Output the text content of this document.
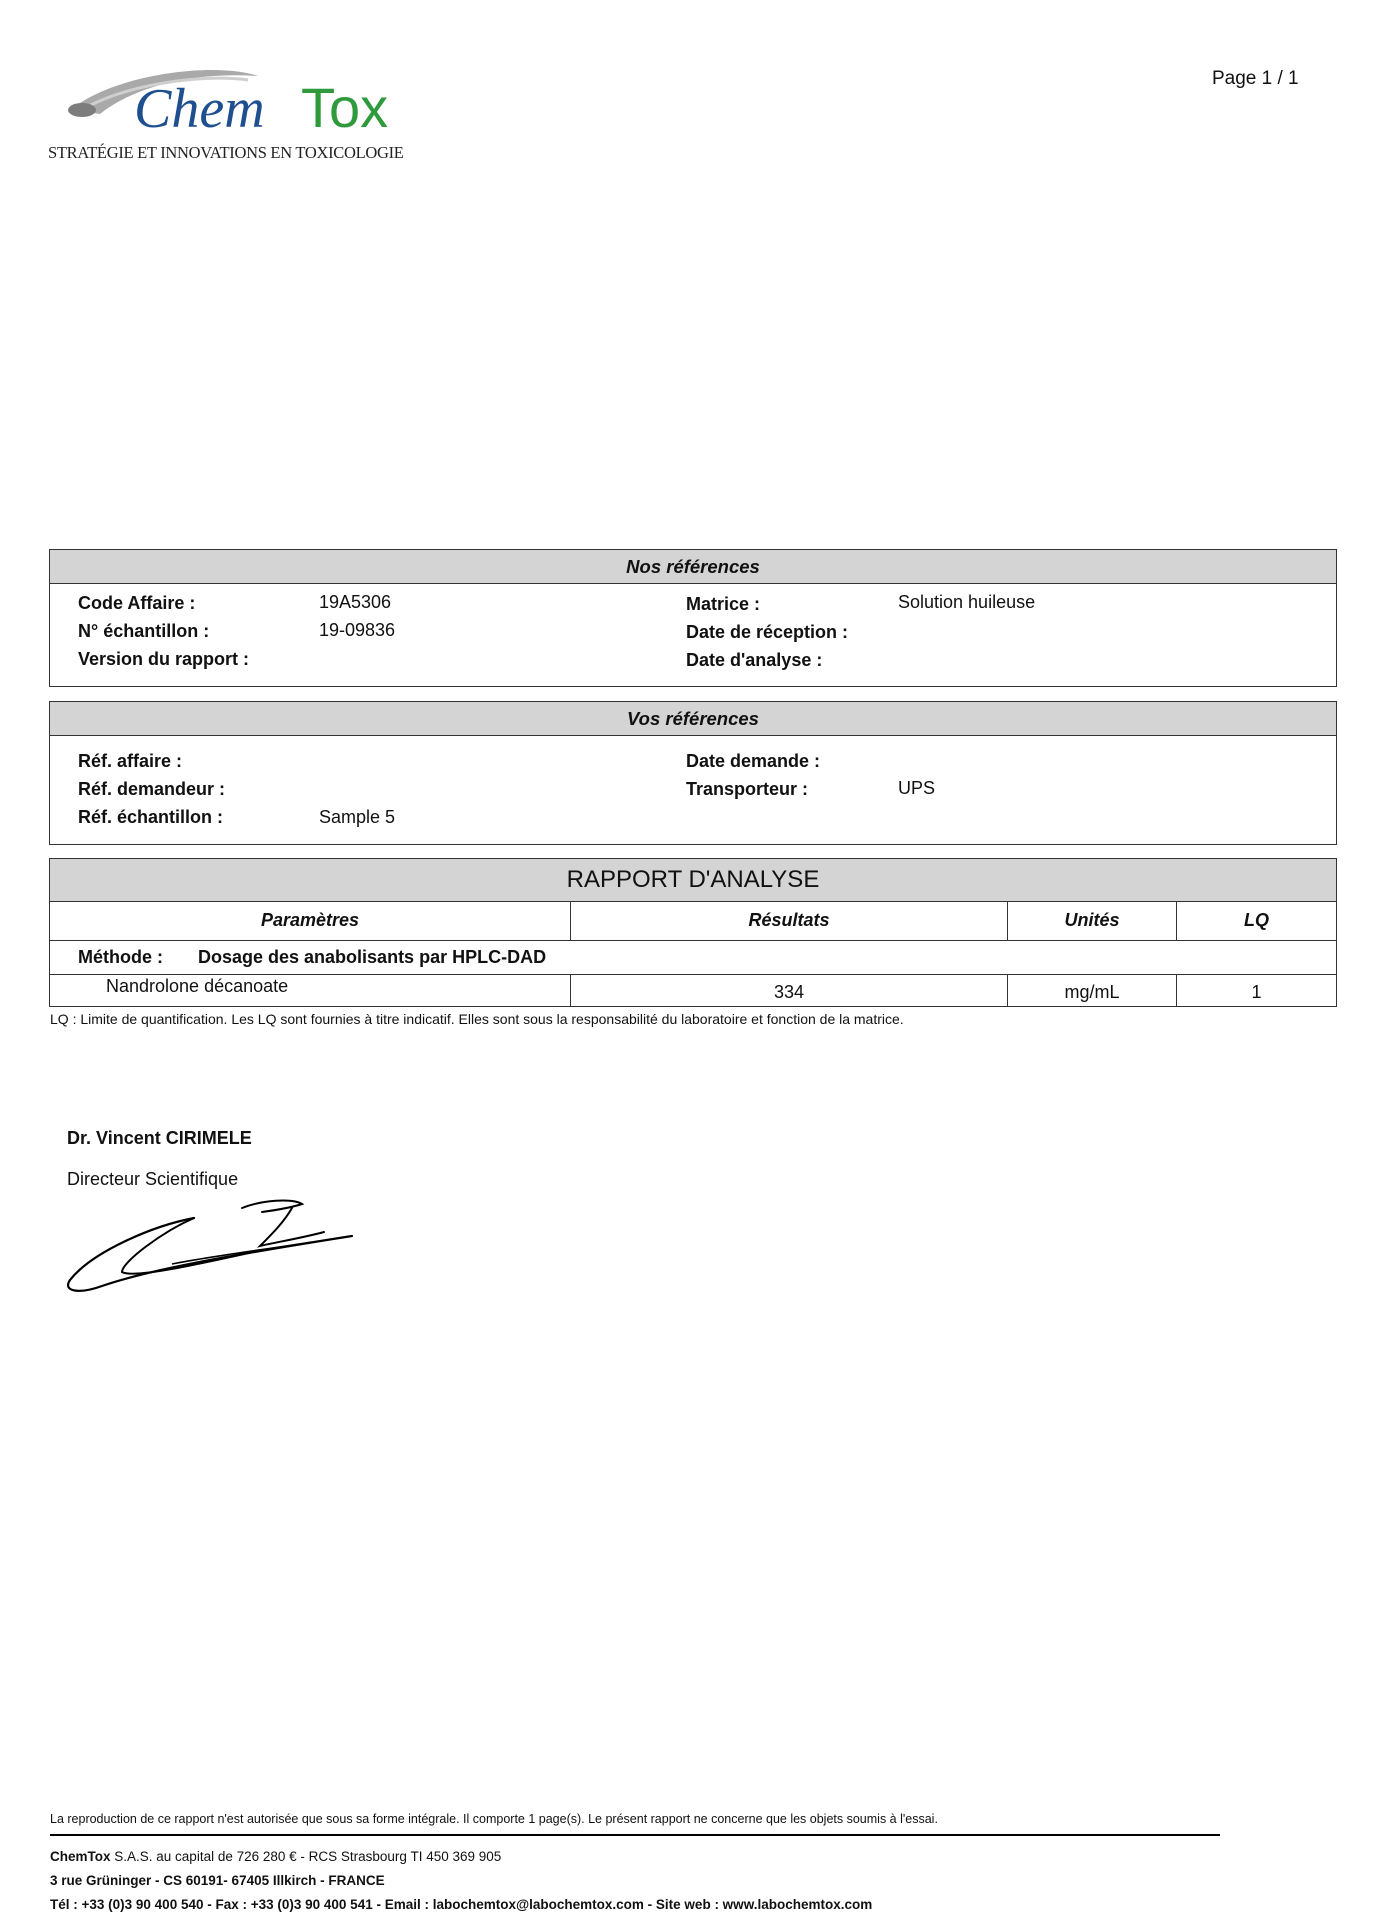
Chem Tox
STRATÉGIE ET INNOVATIONS EN TOXICOLOGIE
Page 1 / 1
Nos références
Code Affaire :	19A5306
N° échantillon :	19-09836
Version du rapport :
Matrice :	Solution huileuse
Date de réception :
Date d'analyse :
Vos références
Réf. affaire :
Réf. demandeur :
Réf. échantillon :	Sample 5
Date demande :
Transporteur :	UPS
RAPPORT D'ANALYSE
Paramètres	Résultats	Unités	LQ
Méthode : Dosage des anabolisants par HPLC-DAD
Nandrolone décanoate	334	mg/mL	1
LQ : Limite de quantification. Les LQ sont fournies à titre indicatif. Elles sont sous la responsabilité du laboratoire et fonction de la matrice.
Dr. Vincent CIRIMELE
Directeur Scientifique
La reproduction de ce rapport n'est autorisée que sous sa forme intégrale. Il comporte 1 page(s). Le présent rapport ne concerne que les objets soumis à l'essai.
ChemTox S.A.S. au capital de 726 280 € - RCS Strasbourg TI 450 369 905
3 rue Grüninger - CS 60191- 67405 Illkirch - FRANCE
Tél : +33 (0)3 90 400 540 - Fax : +33 (0)3 90 400 541 - Email : labochemtox@labochemtox.com - Site web : www.labochemtox.com
